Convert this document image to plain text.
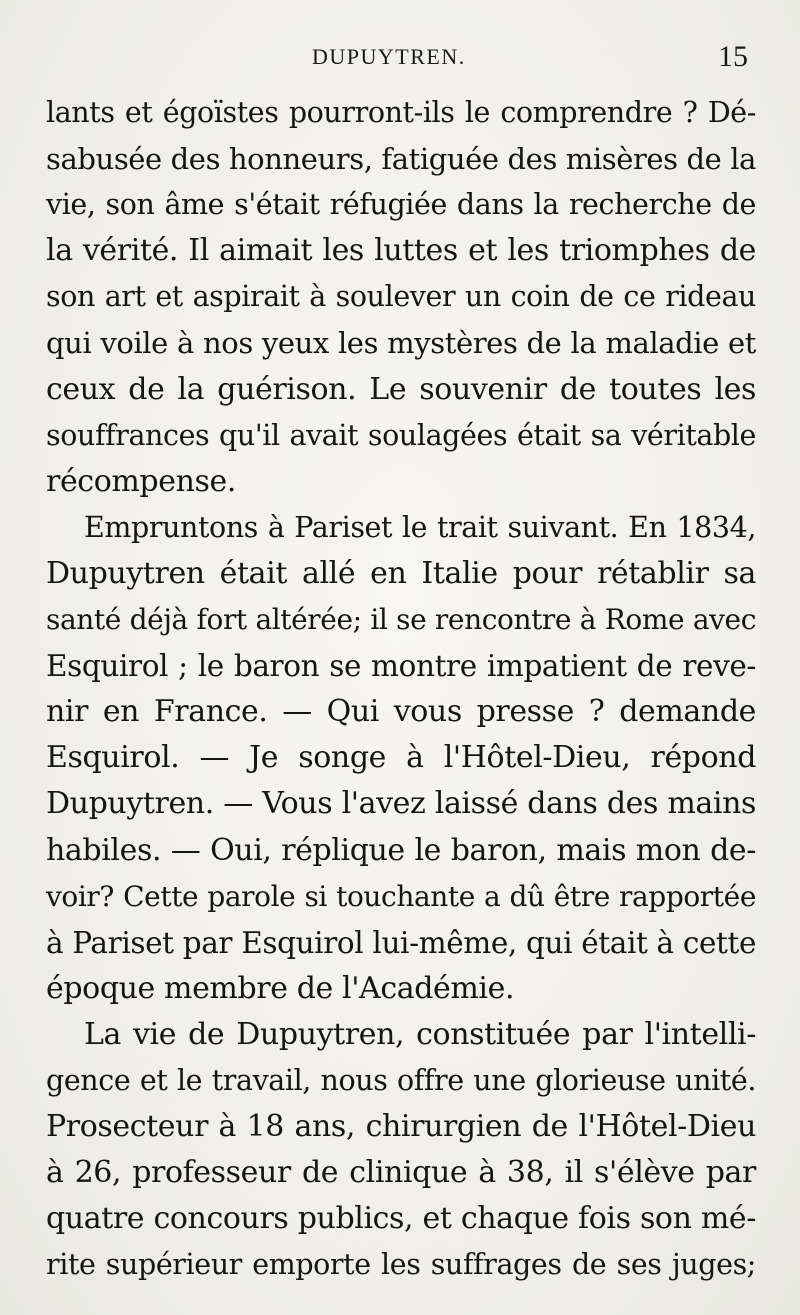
DUPUYTREN.	15
lants et égoïstes pourront-ils le comprendre ? Dé-
sabusée des honneurs, fatiguée des misères de la
vie, son âme s'était réfugiée dans la recherche de
la vérité. Il aimait les luttes et les triomphes de
son art et aspirait à soulever un coin de ce rideau
qui voile à nos yeux les mystères de la maladie et
ceux de la guérison. Le souvenir de toutes les
souffrances qu'il avait soulagées était sa véritable
récompense.
Empruntons à Pariset le trait suivant. En 1834,
Dupuytren était allé en Italie pour rétablir sa
santé déjà fort altérée; il se rencontre à Rome avec
Esquirol ; le baron se montre impatient de reve-
nir en France. — Qui vous presse ? demande
Esquirol. — Je songe à l'Hôtel-Dieu, répond
Dupuytren. — Vous l'avez laissé dans des mains
habiles. — Oui, réplique le baron, mais mon de-
voir? Cette parole si touchante a dû être rapportée
à Pariset par Esquirol lui-même, qui était à cette
époque membre de l'Académie.
La vie de Dupuytren, constituée par l'intelli-
gence et le travail, nous offre une glorieuse unité.
Prosecteur à 18 ans, chirurgien de l'Hôtel-Dieu
à 26, professeur de clinique à 38, il s'élève par
quatre concours publics, et chaque fois son mé-
rite supérieur emporte les suffrages de ses juges;
